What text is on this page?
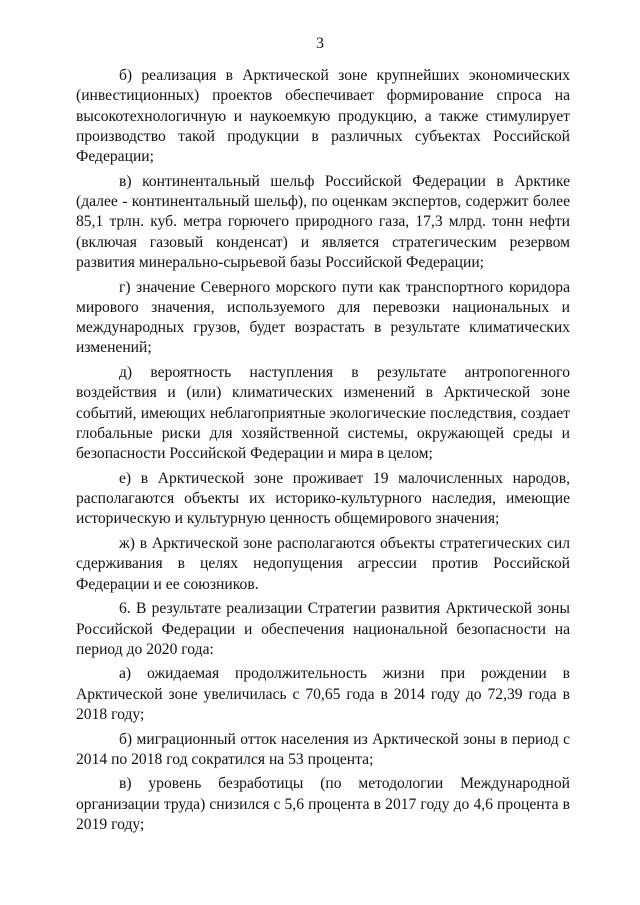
3

б) реализация в Арктической зоне крупнейших экономических (инвестиционных) проектов обеспечивает формирование спроса на высокотехнологичную и наукоемкую продукцию, а также стимулирует производство такой продукции в различных субъектах Российской Федерации;

в) континентальный шельф Российской Федерации в Арктике (далее - континентальный шельф), по оценкам экспертов, содержит более 85,1 трлн. куб. метра горючего природного газа, 17,3 млрд. тонн нефти (включая газовый конденсат) и является стратегическим резервом развития минерально-сырьевой базы Российской Федерации;

г) значение Северного морского пути как транспортного коридора мирового значения, используемого для перевозки национальных и международных грузов, будет возрастать в результате климатических изменений;

д) вероятность наступления в результате антропогенного воздействия и (или) климатических изменений в Арктической зоне событий, имеющих неблагоприятные экологические последствия, создает глобальные риски для хозяйственной системы, окружающей среды и безопасности Российской Федерации и мира в целом;

е) в Арктической зоне проживает 19 малочисленных народов, располагаются объекты их историко-культурного наследия, имеющие историческую и культурную ценность общемирового значения;

ж) в Арктической зоне располагаются объекты стратегических сил сдерживания в целях недопущения агрессии против Российской Федерации и ее союзников.

6. В результате реализации Стратегии развития Арктической зоны Российской Федерации и обеспечения национальной безопасности на период до 2020 года:

а) ожидаемая продолжительность жизни при рождении в Арктической зоне увеличилась с 70,65 года в 2014 году до 72,39 года в 2018 году;

б) миграционный отток населения из Арктической зоны в период с 2014 по 2018 год сократился на 53 процента;

в) уровень безработицы (по методологии Международной организации труда) снизился с 5,6 процента в 2017 году до 4,6 процента в 2019 году;
